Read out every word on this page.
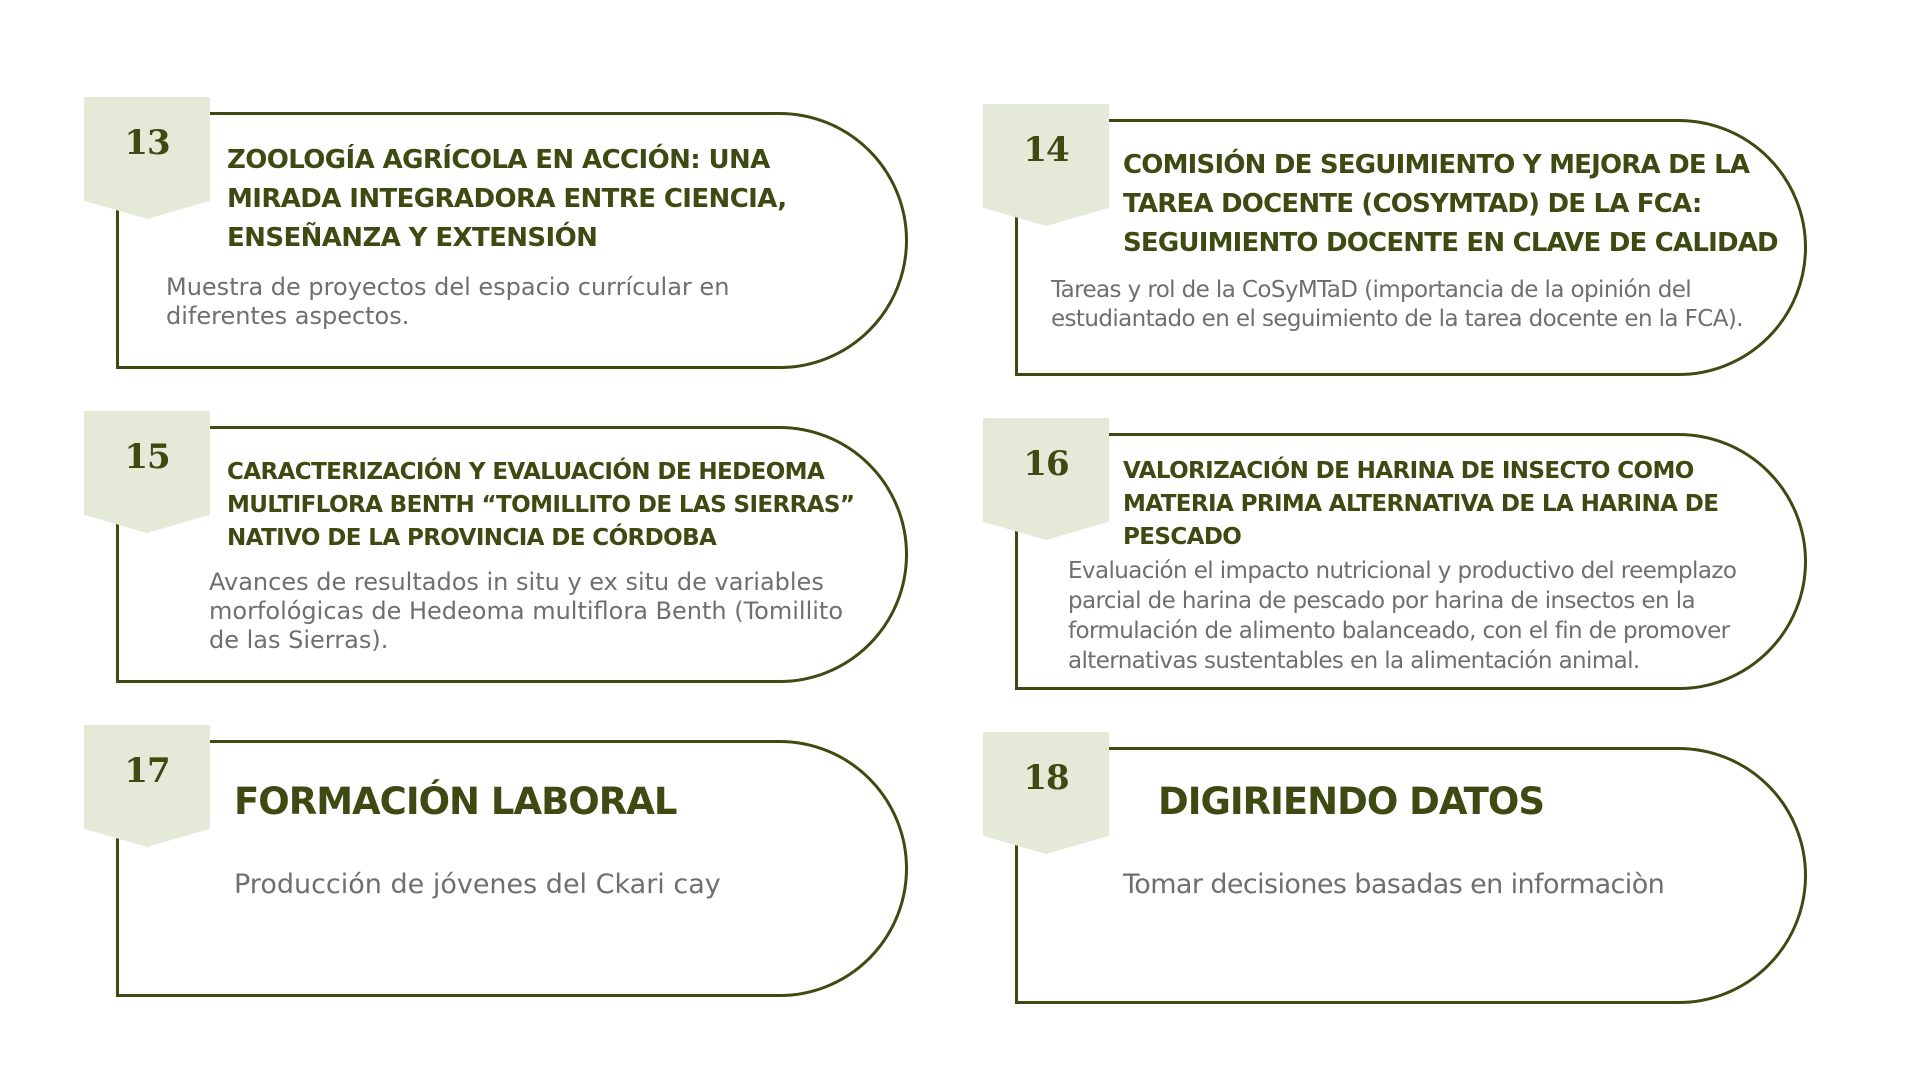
13	ZOOLOGÍA AGRÍCOLA EN ACCIÓN: UNA MIRADA INTEGRADORA ENTRE CIENCIA, ENSEÑANZA Y EXTENSIÓN
Muestra de proyectos del espacio currícular en diferentes aspectos.
14	COMISIÓN DE SEGUIMIENTO Y MEJORA DE LA TAREA DOCENTE (COSYMTAD) DE LA FCA: SEGUIMIENTO DOCENTE EN CLAVE DE CALIDAD
Tareas y rol de la CoSyMTaD (importancia de la opinión del estudiantado en el seguimiento de la tarea docente en la FCA).
15	CARACTERIZACIÓN Y EVALUACIÓN DE HEDEOMA MULTIFLORA BENTH “TOMILLITO DE LAS SIERRAS” NATIVO DE LA PROVINCIA DE CÓRDOBA
Avances de resultados in situ y ex situ de variables morfológicas de Hedeoma multiflora Benth (Tomillito de las Sierras).
16	VALORIZACIÓN DE HARINA DE INSECTO COMO MATERIA PRIMA ALTERNATIVA DE LA HARINA DE PESCADO
Evaluación el impacto nutricional y productivo del reemplazo parcial de harina de pescado por harina de insectos en la formulación de alimento balanceado, con el fin de promover alternativas sustentables en la alimentación animal.
17
FORMACIÓN LABORAL
Producción de jóvenes del Ckari cay
18
DIGIRIENDO DATOS
Tomar decisiones basadas en informaciòn
